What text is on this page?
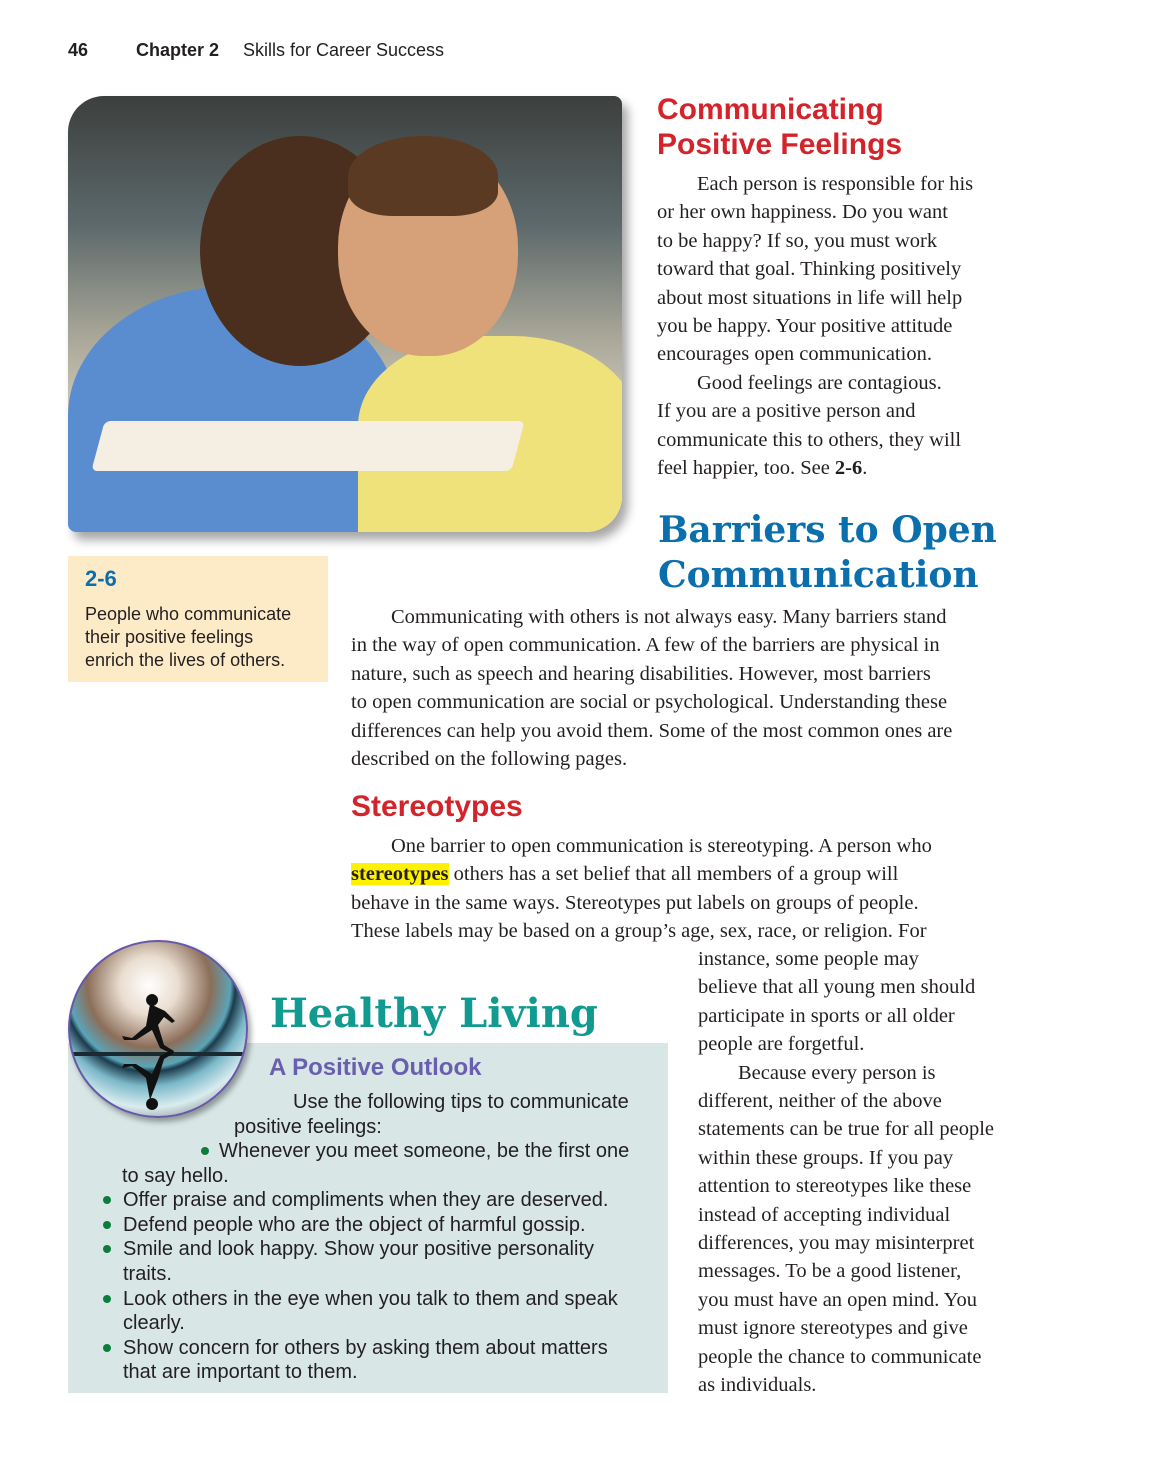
46	Chapter 2 Skills for Career Success
Communicating
Positive Feelings
Each person is responsible for his
or her own happiness. Do you want
to be happy? If so, you must work
toward that goal. Thinking positively
about most situations in life will help
you be happy. Your positive attitude
encourages open communication.
Good feelings are contagious.
If you are a positive person and
communicate this to others, they will
feel happier, too. See 2-6.
Barriers to Open
Communication
2-6
People who communicate
their positive feelings
enrich the lives of others.
Communicating with others is not always easy. Many barriers stand
in the way of open communication. A few of the barriers are physical in
nature, such as speech and hearing disabilities. However, most barriers
to open communication are social or psychological. Understanding these
differences can help you avoid them. Some of the most common ones are
described on the following pages.
Stereotypes
One barrier to open communication is stereotyping. A person who
stereotypes others has a set belief that all members of a group will
behave in the same ways. Stereotypes put labels on groups of people.
These labels may be based on a group’s age, sex, race, or religion. For
instance, some people may
believe that all young men should
participate in sports or all older
people are forgetful.
Because every person is
different, neither of the above
statements can be true for all people
within these groups. If you pay
attention to stereotypes like these
instead of accepting individual
differences, you may misinterpret
messages. To be a good listener,
you must have an open mind. You
must ignore stereotypes and give
people the chance to communicate
as individuals.
Healthy Living
A Positive Outlook
Use the following tips to communicate
positive feelings:
Whenever you meet someone, be the first one
to say hello.
Offer praise and compliments when they are deserved.
Defend people who are the object of harmful gossip.
Smile and look happy. Show your positive personality
traits.
Look others in the eye when you talk to them and speak
clearly.
Show concern for others by asking them about matters
that are important to them.
